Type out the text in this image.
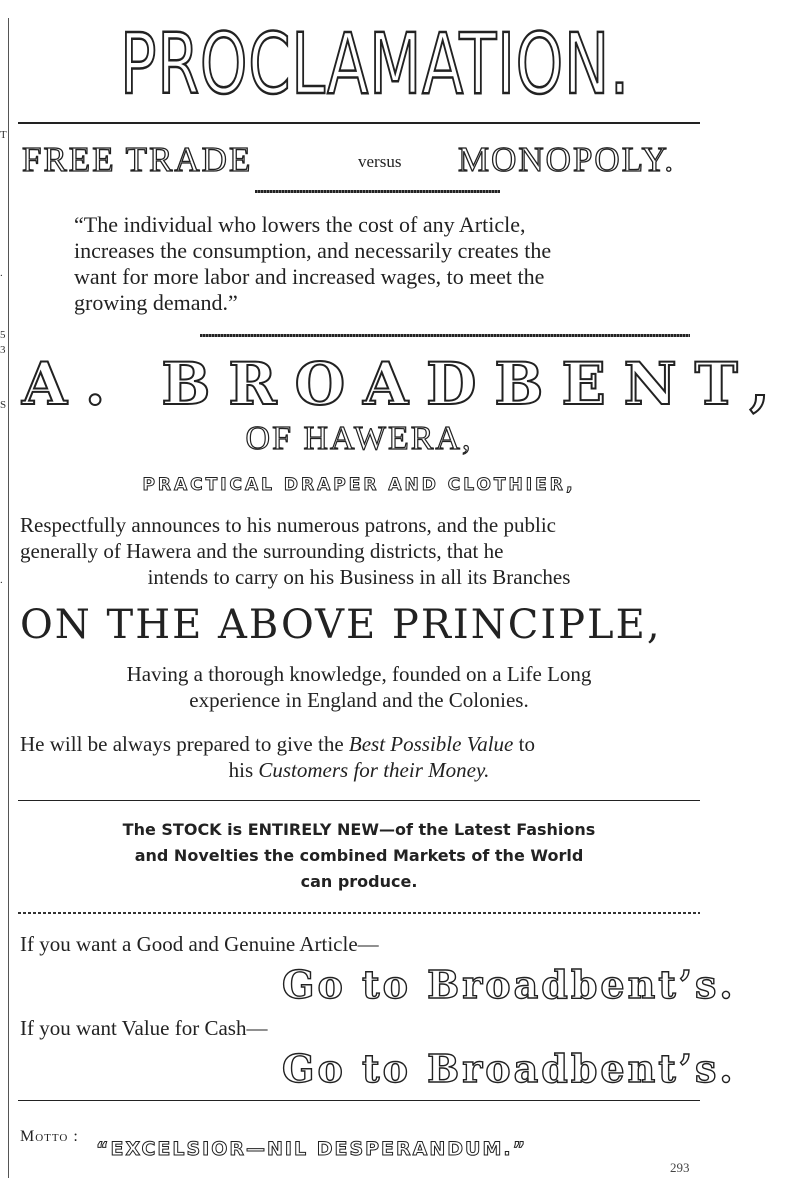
T
.
5
3
S
.
PROCLAMATION.
FREE TRADE	versus MONOPOLY.
“The individual who lowers the cost of any Article,
increases the consumption, and necessarily creates the
want for more labor and increased wages, to meet the
growing demand.”
A. BROADBENT,
OF HAWERA,
PRACTICAL DRAPER AND CLOTHIER,
Respectfully announces to his numerous patrons, and the public
generally of Hawera and the surrounding districts, that he
intends to carry on his Business in all its Branches
ON THE ABOVE PRINCIPLE,
Having a thorough knowledge, founded on a Life Long
experience in England and the Colonies.
He will be always prepared to give the Best Possible Value to
his Customers for their Money.
The STOCK is ENTIRELY NEW—of the Latest Fashions
and Novelties the combined Markets of the World
can produce.
If you want a Good and Genuine Article—
Go to Broadbent’s.
If you want Value for Cash—
Go to Broadbent’s.
Motto :
“EXCELSIOR—NIL DESPERANDUM.”
293
